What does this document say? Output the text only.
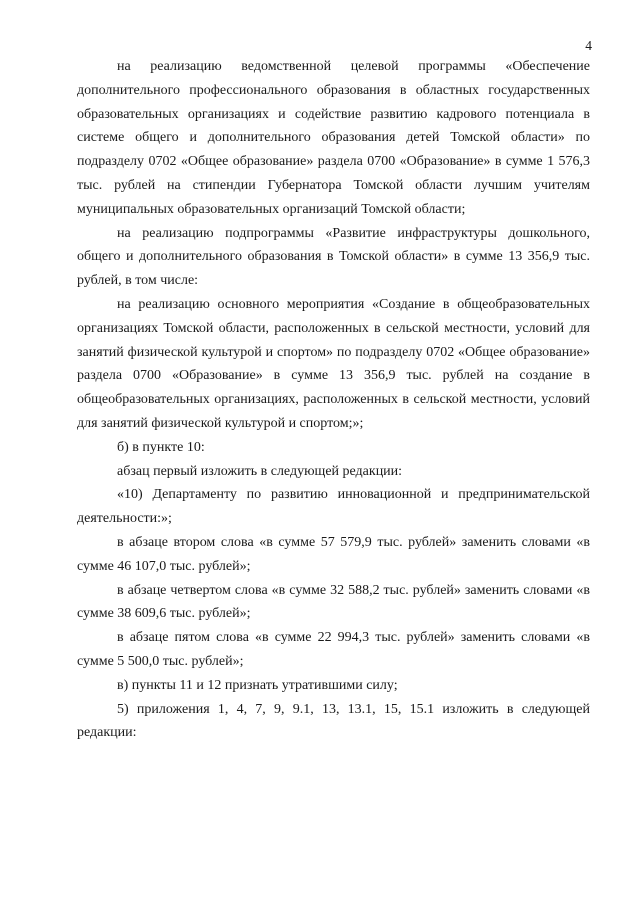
4

на реализацию ведомственной целевой программы «Обеспечение дополнительного профессионального образования в областных государственных образовательных организациях и содействие развитию кадрового потенциала в системе общего и дополнительного образования детей Томской области» по подразделу 0702 «Общее образование» раздела 0700 «Образование» в сумме 1 576,3 тыс. рублей на стипендии Губернатора Томской области лучшим учителям муниципальных образовательных организаций Томской области;

на реализацию подпрограммы «Развитие инфраструктуры дошкольного, общего и дополнительного образования в Томской области» в сумме 13 356,9 тыс. рублей, в том числе:

на реализацию основного мероприятия «Создание в общеобразовательных организациях Томской области, расположенных в сельской местности, условий для занятий физической культурой и спортом» по подразделу 0702 «Общее образование» раздела 0700 «Образование» в сумме 13 356,9 тыс. рублей на создание в общеобразовательных организациях, расположенных в сельской местности, условий для занятий физической культурой и спортом;»;

б) в пункте 10:

абзац первый изложить в следующей редакции:

«10) Департаменту по развитию инновационной и предпринимательской деятельности:»;

в абзаце втором слова «в сумме 57 579,9 тыс. рублей» заменить словами «в сумме 46 107,0 тыс. рублей»;

в абзаце четвертом слова «в сумме 32 588,2 тыс. рублей» заменить словами «в сумме 38 609,6 тыс. рублей»;

в абзаце пятом слова «в сумме 22 994,3 тыс. рублей» заменить словами «в сумме 5 500,0 тыс. рублей»;

в) пункты 11 и 12 признать утратившими силу;

5) приложения 1, 4, 7, 9, 9.1, 13, 13.1, 15, 15.1 изложить в следующей редакции:
